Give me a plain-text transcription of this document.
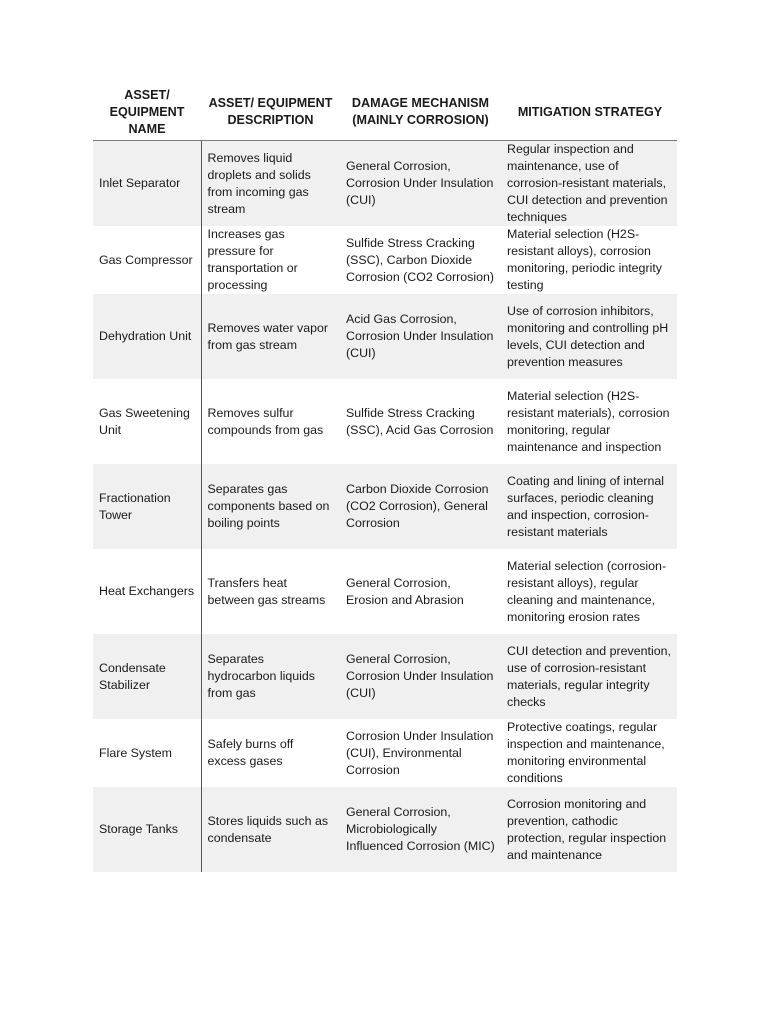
ASSET/ EQUIPMENT NAME	ASSET/ EQUIPMENT DESCRIPTION	DAMAGE MECHANISM (MAINLY CORROSION)	MITIGATION STRATEGY
Inlet Separator	Removes liquid droplets and solids from incoming gas stream	General Corrosion, Corrosion Under Insulation (CUI)	Regular inspection and maintenance, use of corrosion-resistant materials, CUI detection and prevention techniques
Gas Compressor	Increases gas pressure for transportation or processing	Sulfide Stress Cracking (SSC), Carbon Dioxide Corrosion (CO2 Corrosion)	Material selection (H2S-resistant alloys), corrosion monitoring, periodic integrity testing
Dehydration Unit	Removes water vapor from gas stream	Acid Gas Corrosion, Corrosion Under Insulation (CUI)	Use of corrosion inhibitors, monitoring and controlling pH levels, CUI detection and prevention measures
Gas Sweetening Unit	Removes sulfur compounds from gas	Sulfide Stress Cracking (SSC), Acid Gas Corrosion	Material selection (H2S-resistant materials), corrosion monitoring, regular maintenance and inspection
Fractionation Tower	Separates gas components based on boiling points	Carbon Dioxide Corrosion (CO2 Corrosion), General Corrosion	Coating and lining of internal surfaces, periodic cleaning and inspection, corrosion-resistant materials
Heat Exchangers	Transfers heat between gas streams	General Corrosion, Erosion and Abrasion	Material selection (corrosion-resistant alloys), regular cleaning and maintenance, monitoring erosion rates
Condensate Stabilizer	Separates hydrocarbon liquids from gas	General Corrosion, Corrosion Under Insulation (CUI)	CUI detection and prevention, use of corrosion-resistant materials, regular integrity checks
Flare System	Safely burns off excess gases	Corrosion Under Insulation (CUI), Environmental Corrosion	Protective coatings, regular inspection and maintenance, monitoring environmental conditions
Storage Tanks	Stores liquids such as condensate	General Corrosion, Microbiologically Influenced Corrosion (MIC)	Corrosion monitoring and prevention, cathodic protection, regular inspection and maintenance
